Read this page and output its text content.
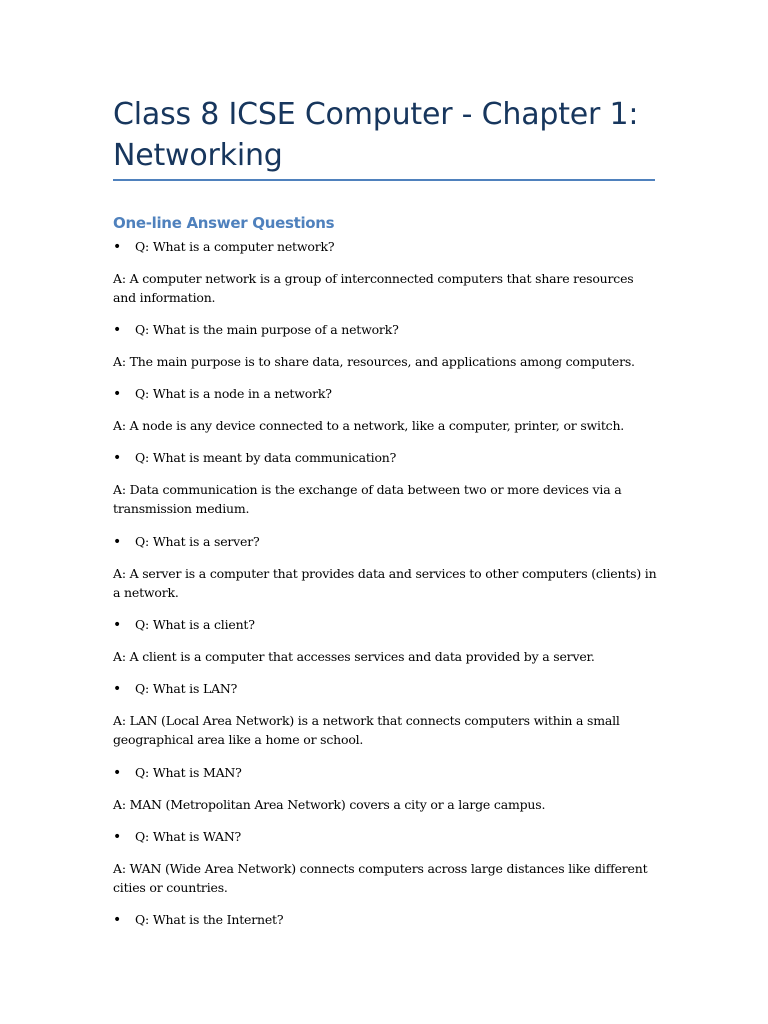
Class 8 ICSE Computer - Chapter 1: Networking
One-line Answer Questions

• Q: What is a computer network?

A: A computer network is a group of interconnected computers that share resources and information.

• Q: What is the main purpose of a network?

A: The main purpose is to share data, resources, and applications among computers.

• Q: What is a node in a network?

A: A node is any device connected to a network, like a computer, printer, or switch.

• Q: What is meant by data communication?

A: Data communication is the exchange of data between two or more devices via a transmission medium.

• Q: What is a server?

A: A server is a computer that provides data and services to other computers (clients) in a network.

• Q: What is a client?

A: A client is a computer that accesses services and data provided by a server.

• Q: What is LAN?

A: LAN (Local Area Network) is a network that connects computers within a small geographical area like a home or school.

• Q: What is MAN?

A: MAN (Metropolitan Area Network) covers a city or a large campus.

• Q: What is WAN?

A: WAN (Wide Area Network) connects computers across large distances like different cities or countries.

• Q: What is the Internet?
